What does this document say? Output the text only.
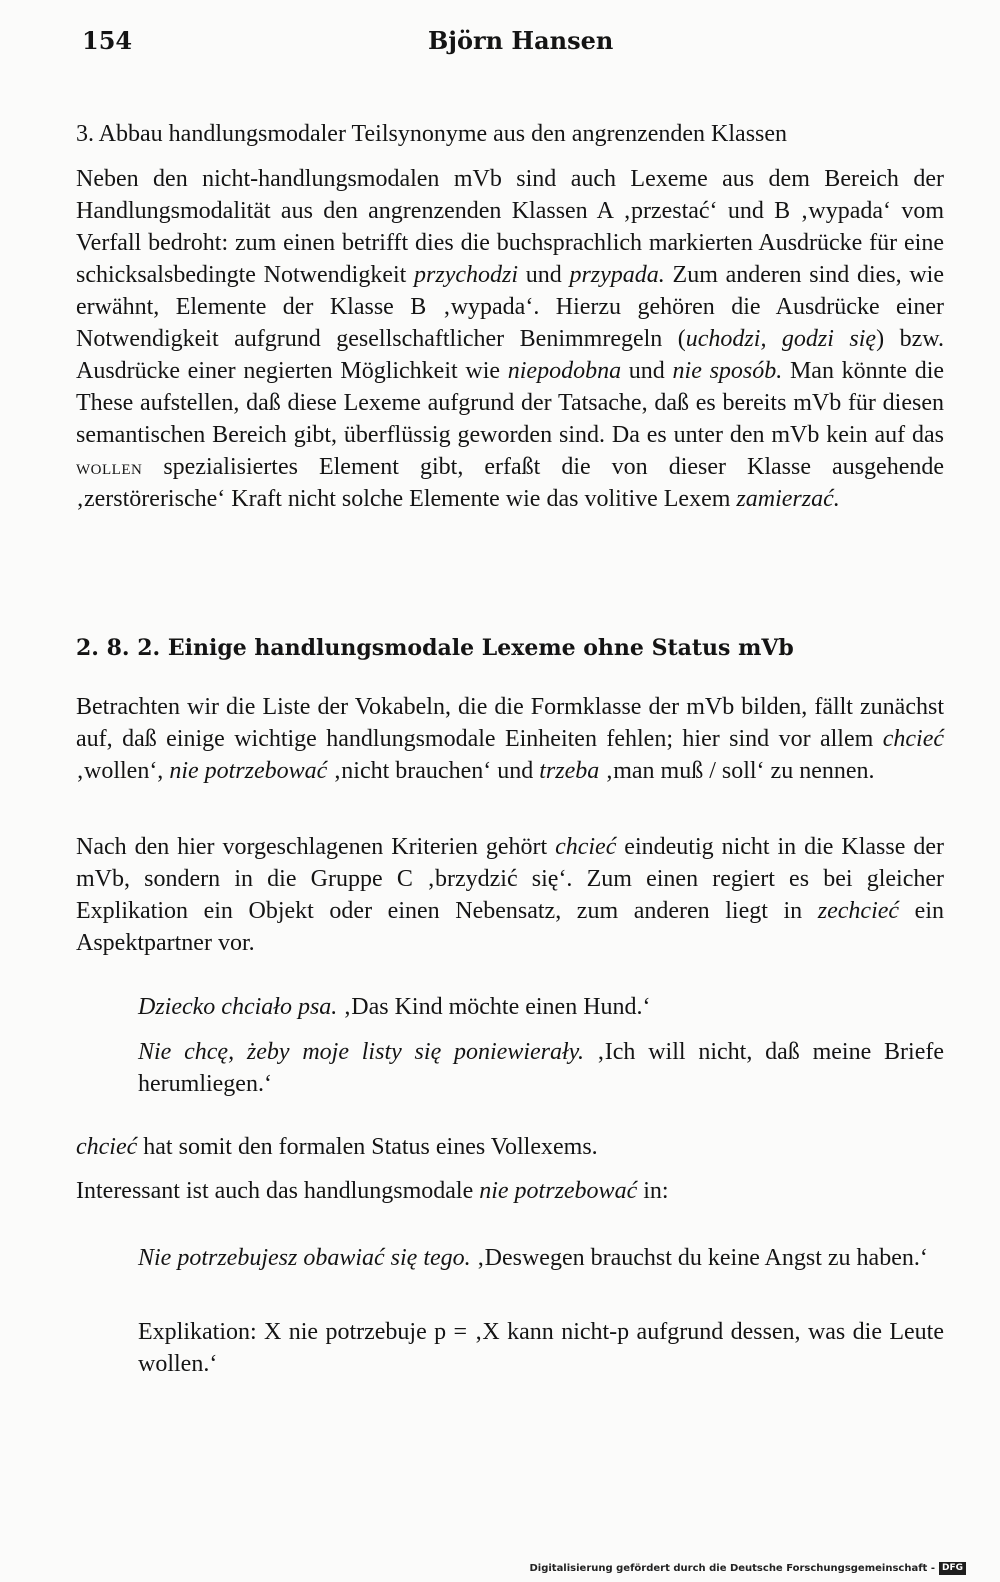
154	Björn Hansen

3. Abbau handlungsmodaler Teilsynonyme aus den angrenzenden Klassen

Neben den nicht-handlungsmodalen mVb sind auch Lexeme aus dem Bereich der Handlungsmodalität aus den angrenzenden Klassen A ‚przestać‘ und B ‚wypada‘ vom Verfall bedroht: zum einen betrifft dies die buchsprachlich markierten Ausdrücke für eine schicksalsbedingte Notwendigkeit przychodzi und przypada. Zum anderen sind dies, wie erwähnt, Elemente der Klasse B ‚wypada‘. Hierzu gehören die Ausdrücke einer Notwendigkeit aufgrund gesellschaftlicher Benimmregeln (uchodzi, godzi się) bzw. Ausdrücke einer negierten Möglichkeit wie niepodobna und nie sposób. Man könnte die These aufstellen, daß diese Lexeme aufgrund der Tatsache, daß es bereits mVb für diesen semantischen Bereich gibt, überflüssig geworden sind. Da es unter den mVb kein auf das wollen spezialisiertes Element gibt, erfaßt die von dieser Klasse ausgehende ‚zerstörerische‘ Kraft nicht solche Elemente wie das volitive Lexem zamierzać.

2. 8. 2. Einige handlungsmodale Lexeme ohne Status mVb

Betrachten wir die Liste der Vokabeln, die die Formklasse der mVb bilden, fällt zunächst auf, daß einige wichtige handlungsmodale Einheiten fehlen; hier sind vor allem chcieć ‚wollen‘, nie potrzebować ‚nicht brauchen‘ und trzeba ‚man muß / soll‘ zu nennen.

Nach den hier vorgeschlagenen Kriterien gehört chcieć eindeutig nicht in die Klasse der mVb, sondern in die Gruppe C ‚brzydzić się‘. Zum einen regiert es bei gleicher Explikation ein Objekt oder einen Nebensatz, zum anderen liegt in zechcieć ein Aspektpartner vor.

Dziecko chciało psa. ‚Das Kind möchte einen Hund.‘

Nie chcę, żeby moje listy się poniewierały. ‚Ich will nicht, daß meine Briefe herumliegen.‘

chcieć hat somit den formalen Status eines Vollexems.

Interessant ist auch das handlungsmodale nie potrzebować in:

Nie potrzebujesz obawiać się tego. ‚Deswegen brauchst du keine Angst zu haben.‘

Explikation: X nie potrzebuje p = ‚X kann nicht-p aufgrund dessen, was die Leute wollen.‘

Digitalisierung gefördert durch die Deutsche Forschungsgemeinschaft - DFG
